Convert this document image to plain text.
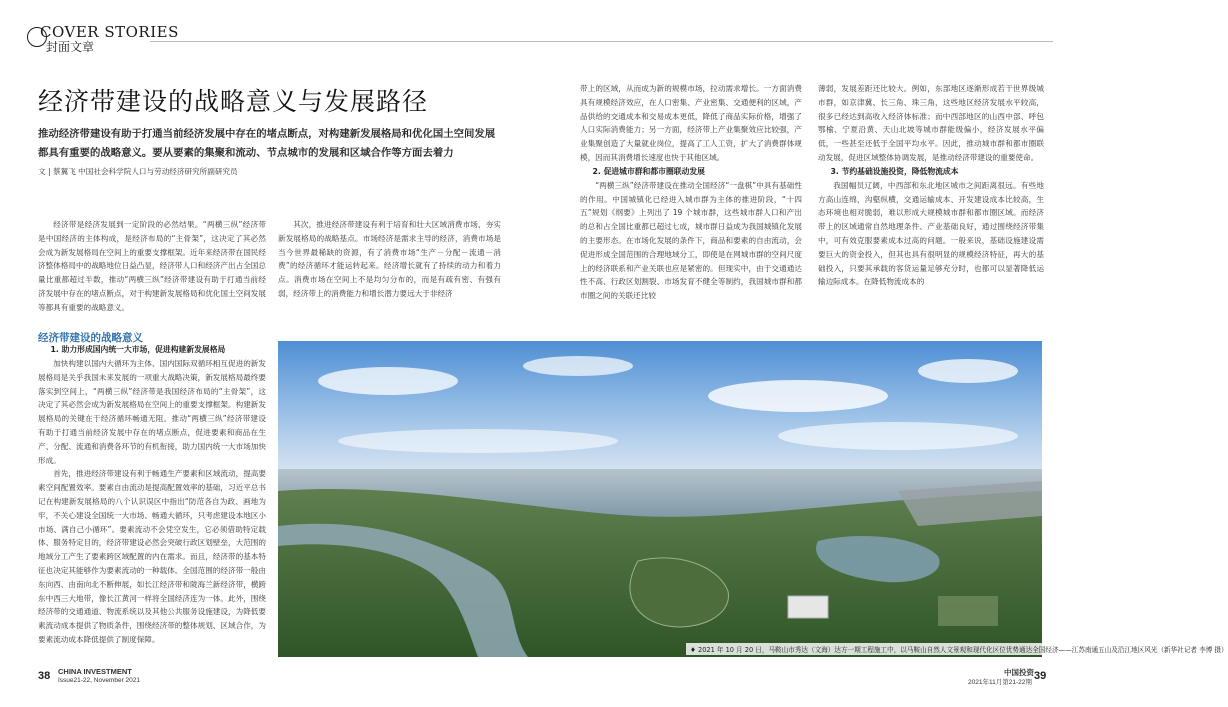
COVER STORIES
封面文章
经济带建设的战略意义与发展路径
推动经济带建设有助于打通当前经济发展中存在的堵点断点，对构建新发展格局和优化国土空间发展
都具有重要的战略意义。要从要素的集聚和流动、节点城市的发展和区域合作等方面去着力
文 | 蔡翼飞 中国社会科学院人口与劳动经济研究所副研究员

经济带是经济发展到一定阶段的必然结果。“两横三纵”经济带是中国经济的主体构成，是经济布局的“主骨架”，这决定了其必然会成为新发展格局在空间上的重要支撑框架。近年来经济带在国民经济整体格局中的战略地位日益凸显，经济带人口和经济产出占全国总量比重都超过半数，推动“两横三纵”经济带建设有助于打通当前经济发展中存在的堵点断点，对于构建新发展格局和优化国土空间发展等都具有重要的战略意义。

其次，推进经济带建设有利于培育和壮大区域消费市场，夯实新发展格局的战略基点。市场经济是需求主导的经济，消费市场是当今世界最稀缺的资源，有了消费市场“生产－分配－流通－消费”的经济循环才能运转起来。经济增长就有了持续的动力和着力点。消费市场在空间上不是均匀分布的，而是有疏有密、有强有弱，经济带上的消费能力和增长潜力要远大于非经济

经济带建设的战略意义
1. 助力形成国内统一大市场，促进构建新发展格局

加快构建以国内大循环为主体、国内国际双循环相互促进的新发展格局是关乎我国未来发展的一项重大战略决策，新发展格局最终要落实到空间上，“两横三纵”经济带是我国经济布局的“主骨架”，这决定了其必然会成为新发展格局在空间上的重要支撑框架。构建新发展格局的关键在于经济循环畅通无阻。推动“两横三纵”经济带建设有助于打通当前经济发展中存在的堵点断点，促进要素和商品在生产、分配、流通和消费各环节的有机衔接，助力国内统一大市场加快形成。

首先，推进经济带建设有利于畅通生产要素和区域流动，提高要素空间配置效率。要素自由流动是提高配置效率的基础，习近平总书记在构建新发展格局的八个认识误区中指出“防范各自为政、画地为牢，不关心建设全国统一大市场、畅通大循环，只考虑建设本地区小市场、满自己小循环”。要素流动不会凭空发生，它必须借助特定载体、服务特定目的，经济带建设必然会突破行政区划壁垒，大范围的地域分工产生了要素跨区域配置的内在需求。而且，经济带的基本特征也决定其能够作为要素流动的一种载体。全国范围的经济带一般由东向西、由南向北不断伸展，如长江经济带和陇海兰新经济带，横跨东中西三大地带，像长江黄河一样将全国经济连为一体。此外，围绕经济带的交通通道、物流系统以及其他公共服务设施建设，为降低要素流动成本提供了物质条件，围绕经济带的整体规划、区域合作，为要素流动成本降低提供了制度保障。

带上的区域，从而成为新的规模市场，拉动需求增长。一方面消费具有规模经济效应，在人口密集、产业密集、交通便利的区域，产品供给的交通成本和交易成本更低，降低了商品实际价格，增强了人口实际消费能力；另一方面，经济带上产业集聚效应比较强，产业集聚创造了大量就业岗位，提高了工人工资，扩大了消费群体规模，因而其消费增长速度也快于其他区域。

2. 促进城市群和都市圈联动发展

“两横三纵”经济带建设在推动全国经济“一盘棋”中具有基础性的作用。中国城镇化已经进入城市群为主体的推进阶段，“十四五”规划《纲要》上列出了 19 个城市群，这些城市群人口和产出的总和占全国比重都已超过七成，城市群日益成为我国城镇化发展的主要形态。在市场化发展的条件下，商品和要素的自由流动，会促进形成全国范围的合理地域分工，即使是在网城市群的空间尺度上的经济联系和产业关联也应是紧密的。但现实中，由于交通通达性不高、行政区划割裂、市场发育不健全等制约，我国城市群和都市圈之间的关联还比较

薄弱，发展差距还比较大。例如，东部地区逐渐形成若干世界级城市群，如京津冀、长三角、珠三角，这些地区经济发展水平较高，很多已经达到高收入经济体标准；而中西部地区的山西中部、呼包鄂榆、宁夏沿黄、天山北坡等城市群能级偏小，经济发展水平偏低，一些甚至还低于全国平均水平。因此，推动城市群和都市圈联动发展，促进区域整体协调发展，是推动经济带建设的重要使命。

3. 节约基础设施投资，降低物流成本

我国幅员辽阔，中西部和东北地区城市之间距离很远。有些地方高山连绵，沟壑纵横，交通运输成本、开发建设成本比较高，生态环境也相对脆弱，难以形成大规模城市群和都市圈区域。而经济带上的区域通常自然地理条件、产业基础良好，通过围绕经济带集中，可有效克服要素成本过高的问题。一般来说，基础设施建设需要巨大的资金投入，但其也具有很明显的规模经济特征，再大的基础投入，只要其承载的客货运量足够充分时，也都可以显著降低运输边际成本。在降低物流成本的

♦ 2021 年 10 月 20 日，马鞍山市秀达（文海）达方一期工程施工中，以马鞍山自然人文景观和现代化区位优势通达全国经济——江苏南通五山及沿江地区风光（新华社记者 李博 摄）
38 CHINA INVESTMENT
Issue21-22, November 2021
中国投资
2021年11月第21-22期
39
